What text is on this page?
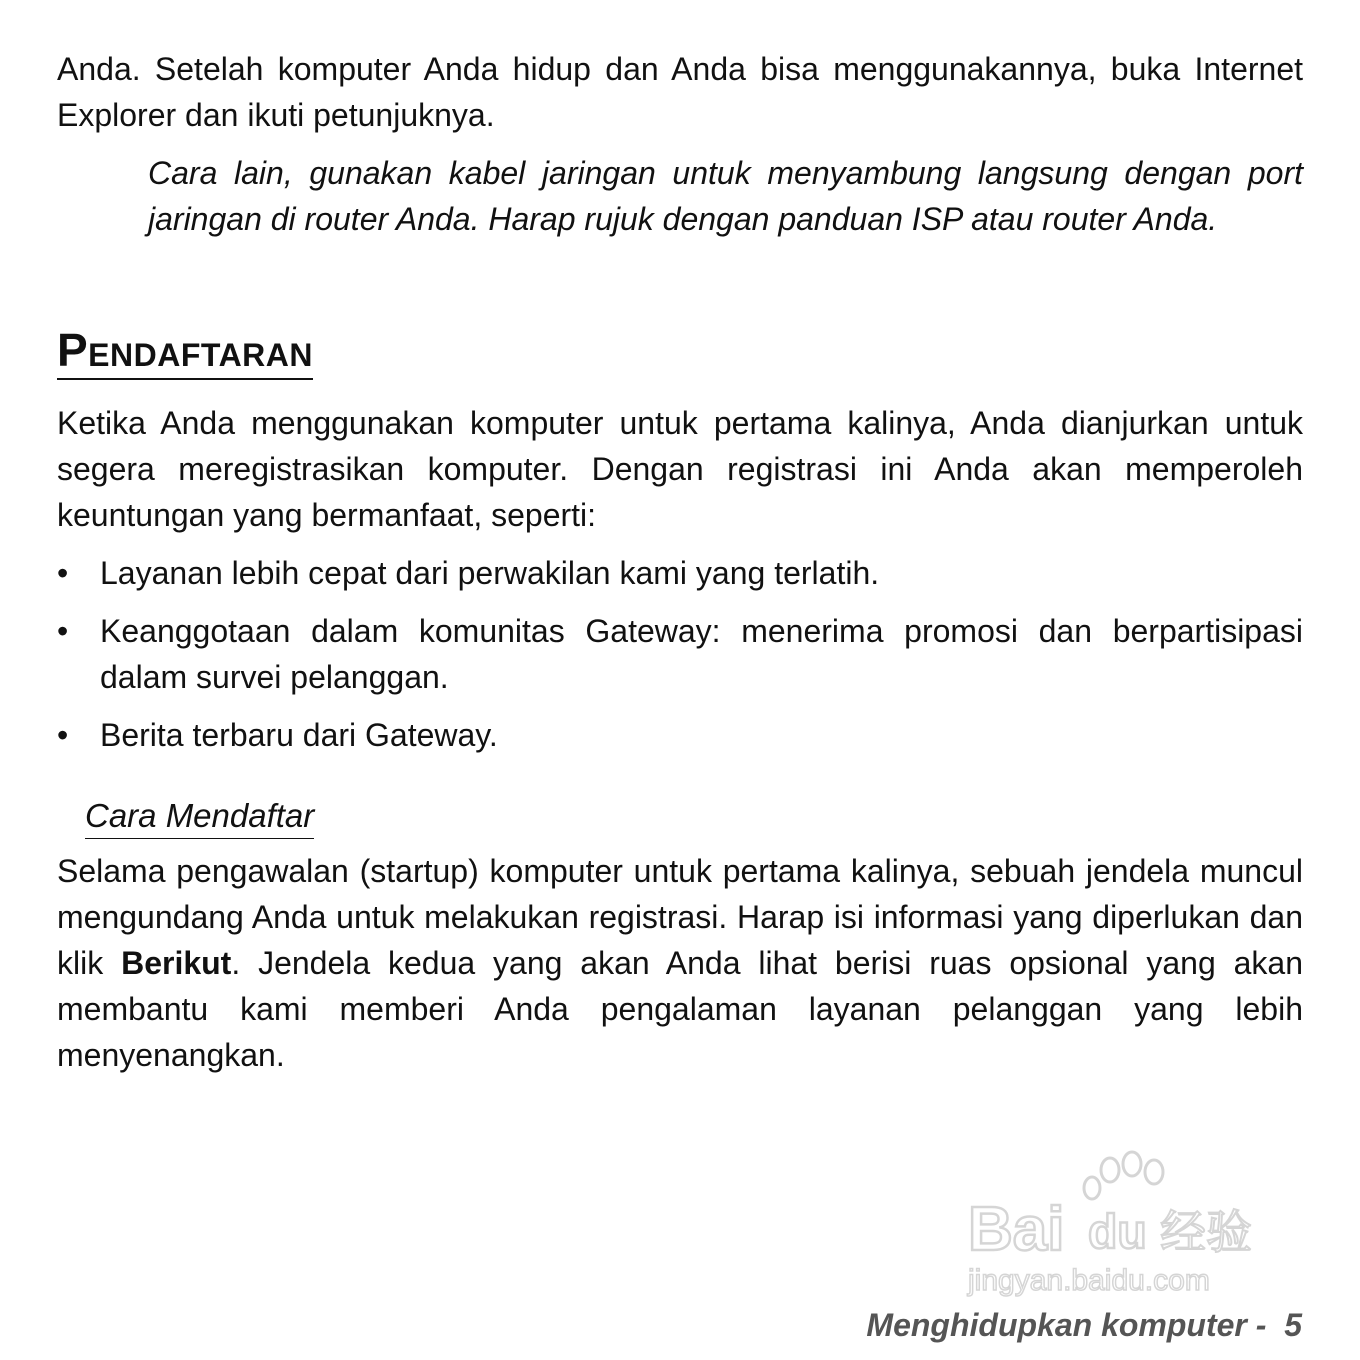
Anda. Setelah komputer Anda hidup dan Anda bisa menggunakannya, buka Internet Explorer dan ikuti petunjuknya.

Cara lain, gunakan kabel jaringan untuk menyambung langsung dengan port jaringan di router Anda. Harap rujuk dengan panduan ISP atau router Anda.

Pendaftaran

Ketika Anda menggunakan komputer untuk pertama kalinya, Anda dianjurkan untuk segera meregistrasikan komputer. Dengan registrasi ini Anda akan memperoleh keuntungan yang bermanfaat, seperti:

• Layanan lebih cepat dari perwakilan kami yang terlatih.
• Keanggotaan dalam komunitas Gateway: menerima promosi dan berpartisipasi dalam survei pelanggan.
• Berita terbaru dari Gateway.
Cara Mendaftar

Selama pengawalan (startup) komputer untuk pertama kalinya, sebuah jendela muncul mengundang Anda untuk melakukan registrasi. Harap isi informasi yang diperlukan dan klik Berikut. Jendela kedua yang akan Anda lihat berisi ruas opsional yang akan membantu kami memberi Anda pengalaman layanan pelanggan yang lebih menyenangkan.

Bai du 经验
jingyan.baidu.com
Menghidupkan komputer -  5
